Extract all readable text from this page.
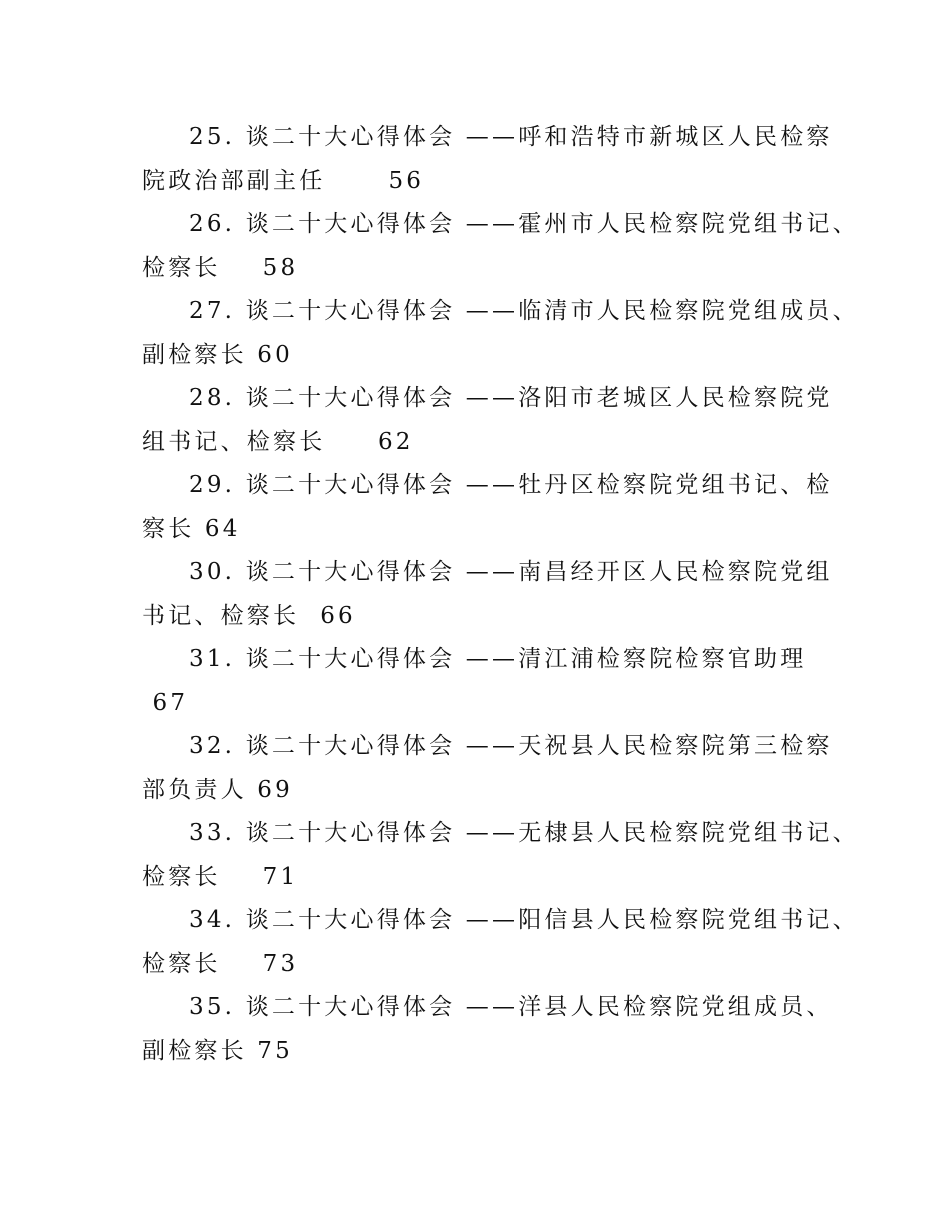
25. 谈二十大心得体会 ——呼和浩特市新城区人民检察
院政治部副主任      56
26. 谈二十大心得体会 ——霍州市人民检察院党组书记、
检察长    58
27. 谈二十大心得体会 ——临清市人民检察院党组成员、
副检察长 60
28. 谈二十大心得体会 ——洛阳市老城区人民检察院党
组书记、检察长     62
29. 谈二十大心得体会 ——牡丹区检察院党组书记、检
察长 64
30. 谈二十大心得体会 ——南昌经开区人民检察院党组
书记、检察长  66
31. 谈二十大心得体会 ——清江浦检察院检察官助理
67
32. 谈二十大心得体会 ——天祝县人民检察院第三检察
部负责人 69
33. 谈二十大心得体会 ——无棣县人民检察院党组书记、
检察长    71
34. 谈二十大心得体会 ——阳信县人民检察院党组书记、
检察长    73
35. 谈二十大心得体会 ——洋县人民检察院党组成员、
副检察长 75
